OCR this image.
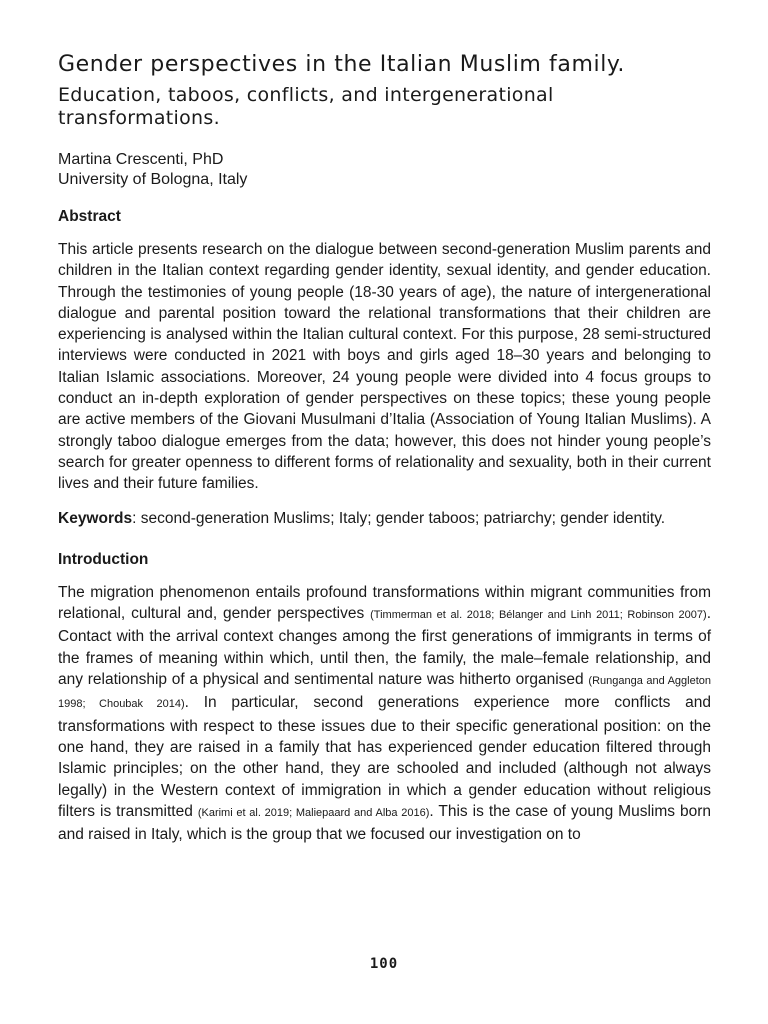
Gender perspectives in the Italian Muslim family.
Education, taboos, conflicts, and intergenerational transformations.
Martina Crescenti, PhD
University of Bologna, Italy
Abstract

This article presents research on the dialogue between second-generation Muslim parents and children in the Italian context regarding gender identity, sexual identity, and gender education. Through the testimonies of young people (18-30 years of age), the nature of intergenerational dialogue and parental position toward the relational transformations that their children are experiencing is analysed within the Italian cultural context. For this purpose, 28 semi-structured interviews were conducted in 2021 with boys and girls aged 18–30 years and belonging to Italian Islamic associations. Moreover, 24 young people were divided into 4 focus groups to conduct an in-depth exploration of gender perspectives on these topics; these young people are active members of the Giovani Musulmani d’Italia (Association of Young Italian Muslims). A strongly taboo dialogue emerges from the data; however, this does not hinder young people’s search for greater openness to different forms of relationality and sexuality, both in their current lives and their future families.

Keywords: second-generation Muslims; Italy; gender taboos; patriarchy; gender identity.

Introduction

The migration phenomenon entails profound transformations within migrant communities from relational, cultural and, gender perspectives (Timmerman et al. 2018; Bélanger and Linh 2011; Robinson 2007). Contact with the arrival context changes among the first generations of immigrants in terms of the frames of meaning within which, until then, the family, the male–female relationship, and any relationship of a physical and sentimental nature was hitherto organised (Runganga and Aggleton 1998; Choubak 2014). In particular, second generations experience more conflicts and transformations with respect to these issues due to their specific generational position: on the one hand, they are raised in a family that has experienced gender education filtered through Islamic principles; on the other hand, they are schooled and included (although not always legally) in the Western context of immigration in which a gender education without religious filters is transmitted (Karimi et al. 2019; Maliepaard and Alba 2016). This is the case of young Muslims born and raised in Italy, which is the group that we focused our investigation on to

100
